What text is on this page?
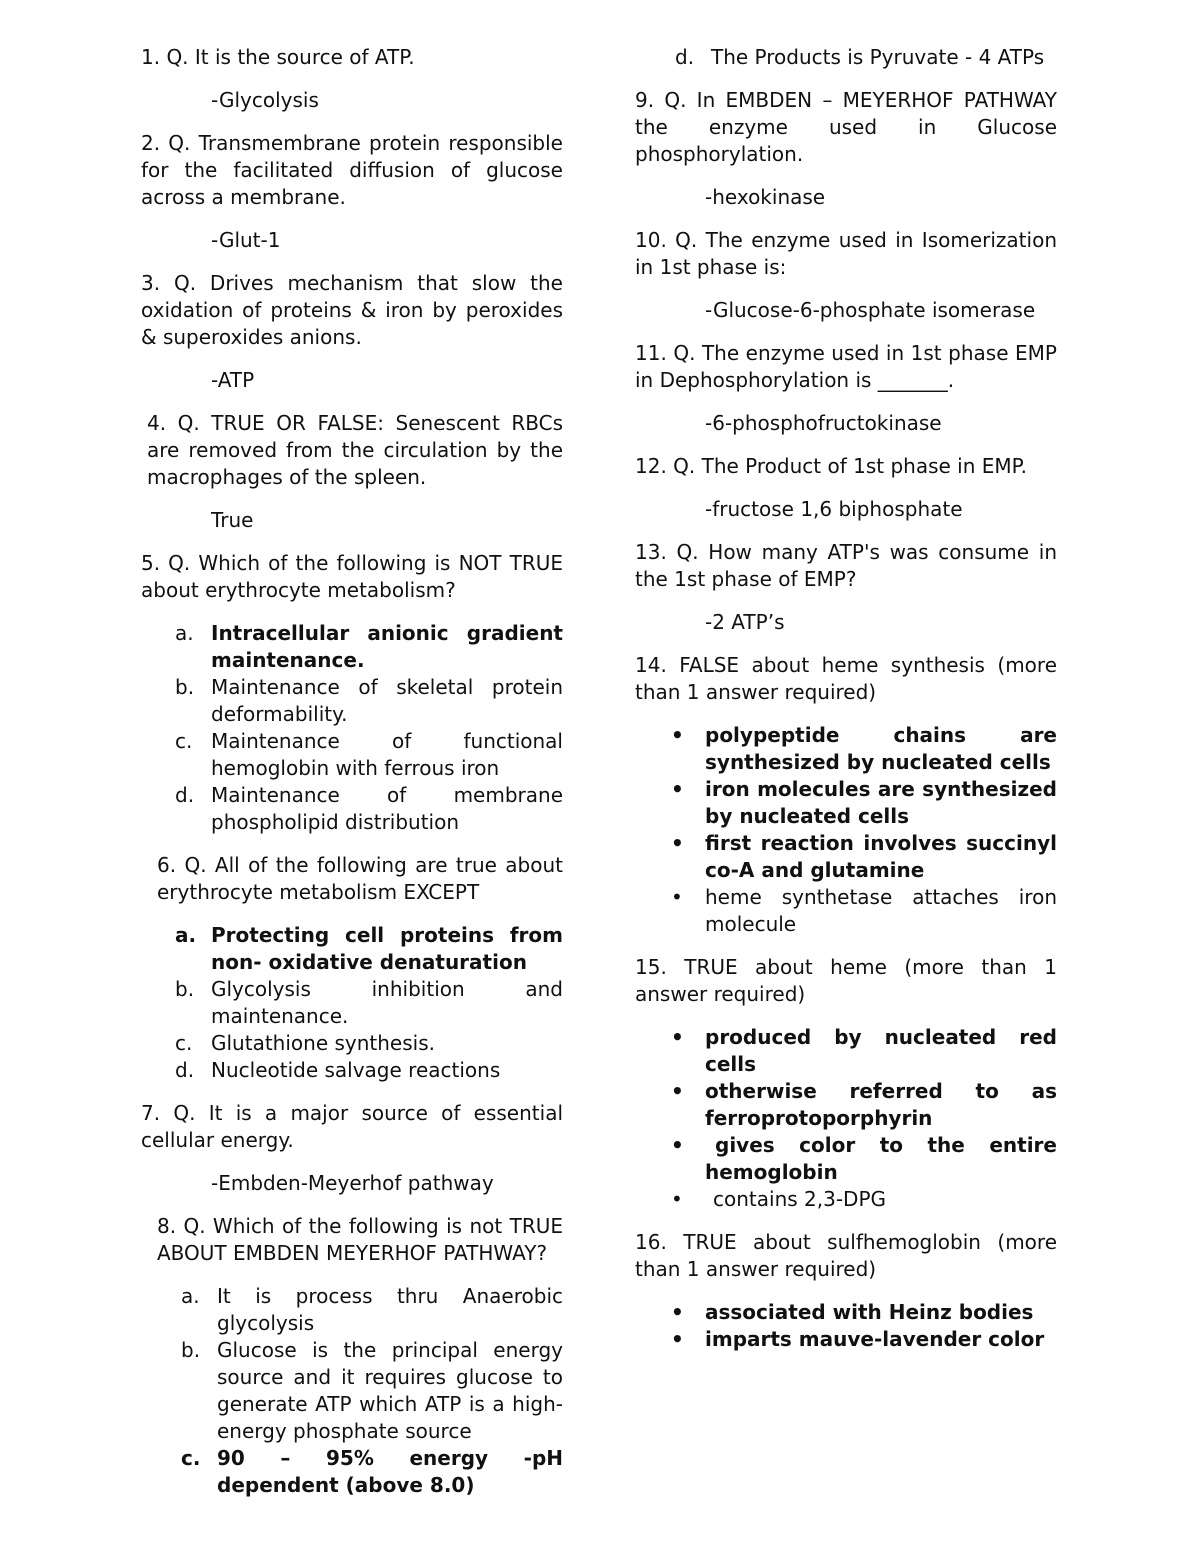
1. Q. It is the source of ATP.

-Glycolysis

2. Q. Transmembrane protein responsible for the facilitated diffusion of glucose across a membrane.

-Glut-1

3. Q. Drives mechanism that slow the oxidation of proteins & iron by peroxides & superoxides anions.

-ATP

4. Q. TRUE OR FALSE: Senescent RBCs are removed from the circulation by the macrophages of the spleen.

True

5. Q. Which of the following is NOT TRUE about erythrocyte metabolism?

a. Intracellular anionic gradient maintenance.
b. Maintenance of skeletal protein deformability.
c. Maintenance of functional hemoglobin with ferrous iron
d. Maintenance of membrane phospholipid distribution

6. Q. All of the following are true about erythrocyte metabolism EXCEPT

a. Protecting cell proteins from non- oxidative denaturation
b. Glycolysis inhibition and maintenance.
c. Glutathione synthesis.
d. Nucleotide salvage reactions

7. Q. It is a major source of essential cellular energy.

-Embden-Meyerhof pathway

8. Q. Which of the following is not TRUE ABOUT EMBDEN MEYERHOF PATHWAY?

a. It is process thru Anaerobic glycolysis
b. Glucose is the principal energy source and it requires glucose to generate ATP which ATP is a high-energy phosphate source
c. 90 – 95% energy -pH dependent (above 8.0)
d. The Products is Pyruvate - 4 ATPs

9. Q. In EMBDEN – MEYERHOF PATHWAY the enzyme used in Glucose phosphorylation.

-hexokinase

10. Q. The enzyme used in Isomerization in 1st phase is:

-Glucose-6-phosphate isomerase

11. Q. The enzyme used in 1st phase EMP in Dephosphorylation is _______.

-6-phosphofructokinase

12. Q. The Product of 1st phase in EMP.

-fructose 1,6 biphosphate

13. Q. How many ATP's was consume in the 1st phase of EMP?

-2 ATP’s

14. FALSE about heme synthesis (more than 1 answer required)

• polypeptide chains are synthesized by nucleated cells
• iron molecules are synthesized by nucleated cells
• first reaction involves succinyl co-A and glutamine
• heme synthetase attaches iron molecule

15. TRUE about heme (more than 1 answer required)

• produced by nucleated red cells
• otherwise referred to as ferroprotoporphyrin
• gives color to the entire hemoglobin
• contains 2,3-DPG

16. TRUE about sulfhemoglobin (more than 1 answer required)

• associated with Heinz bodies
• imparts mauve-lavender color
